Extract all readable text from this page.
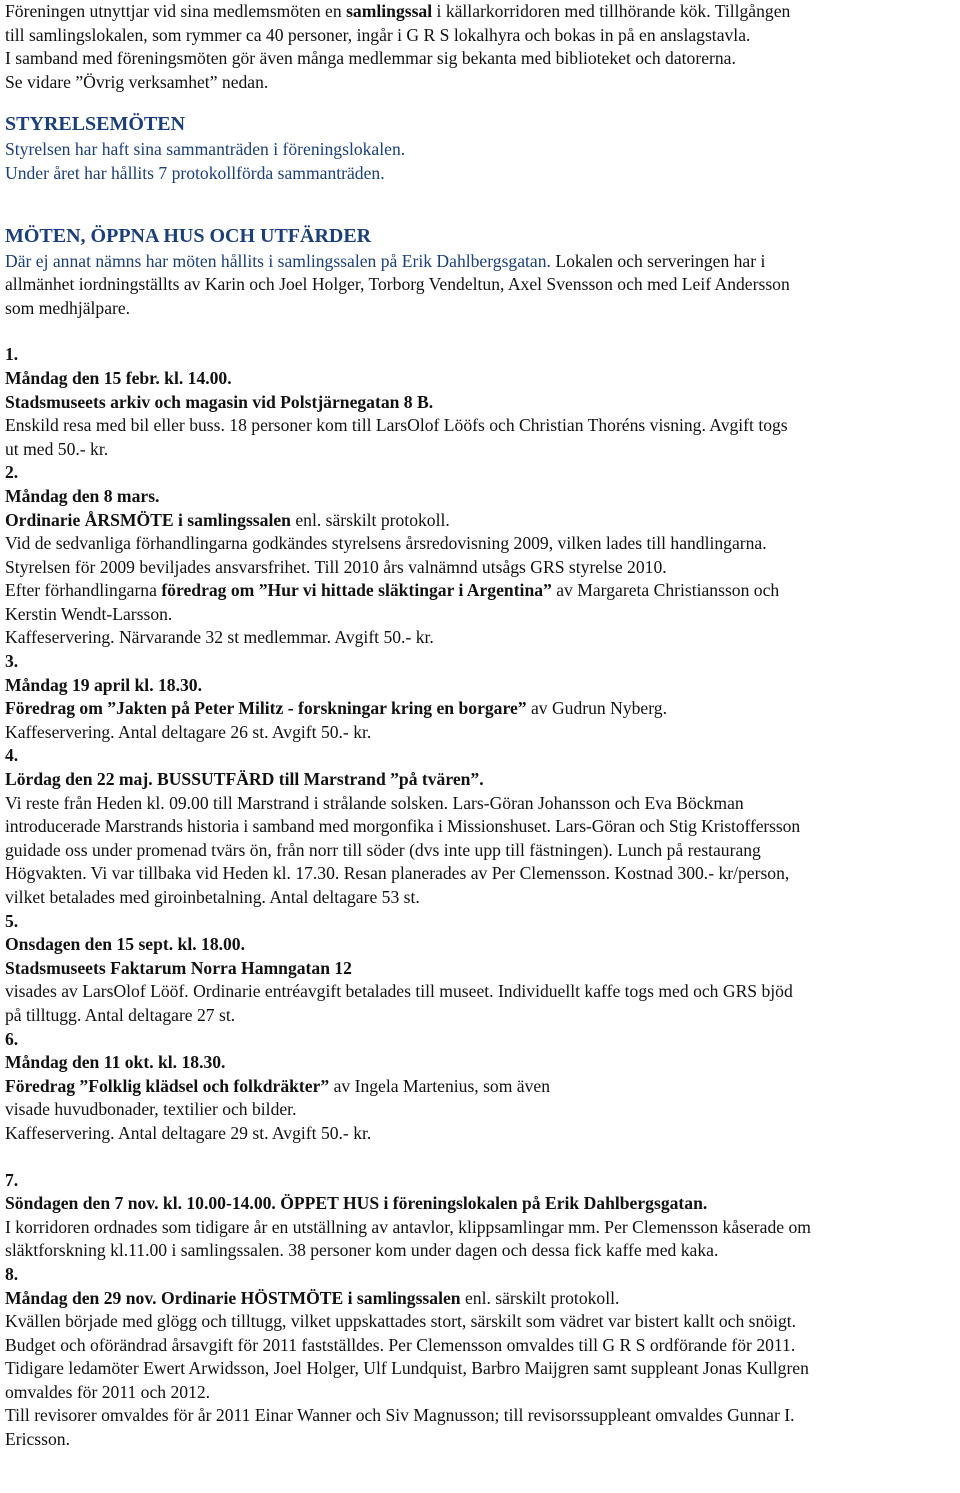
Föreningen utnyttjar vid sina medlemsmöten en samlingssal i källarkorridoren med tillhörande kök. Tillgången

till samlingslokalen, som rymmer ca 40 personer, ingår i G R S lokalhyra och bokas in på en anslagstavla.

I samband med föreningsmöten gör även många medlemmar sig bekanta med biblioteket och datorerna.

Se vidare ”Övrig verksamhet” nedan.

STYRELSEMÖTEN

Styrelsen har haft sina sammanträden i föreningslokalen.

Under året har hållits 7 protokollförda sammanträden.

MÖTEN, ÖPPNA HUS OCH UTFÄRDER

Där ej annat nämns har möten hållits i samlingssalen på Erik Dahlbergsgatan. Lokalen och serveringen har i

allmänhet iordningställts av Karin och Joel Holger, Torborg Vendeltun, Axel Svensson och med Leif Andersson

som medhjälpare.

1.

Måndag den 15 febr. kl. 14.00.

Stadsmuseets arkiv och magasin vid Polstjärnegatan 8 B.

Enskild resa med bil eller buss. 18 personer kom till LarsOlof Lööfs och Christian Thoréns visning. Avgift togs

ut med 50.- kr.

2.

Måndag den 8 mars.

Ordinarie ÅRSMÖTE i samlingssalen enl. särskilt protokoll.

Vid de sedvanliga förhandlingarna godkändes styrelsens årsredovisning 2009, vilken lades till handlingarna.

Styrelsen för 2009 beviljades ansvarsfrihet. Till 2010 års valnämnd utsågs GRS styrelse 2010.

Efter förhandlingarna föredrag om ”Hur vi hittade släktingar i Argentina” av Margareta Christiansson och

Kerstin Wendt-Larsson.

Kaffeservering. Närvarande 32 st medlemmar. Avgift 50.- kr.

3.

Måndag 19 april kl. 18.30.

Föredrag om ”Jakten på Peter Militz - forskningar kring en borgare” av Gudrun Nyberg.

Kaffeservering. Antal deltagare 26 st. Avgift 50.- kr.

4.

Lördag den 22 maj. BUSSUTFÄRD till Marstrand ”på tvären”.

Vi reste från Heden kl. 09.00 till Marstrand i strålande solsken. Lars-Göran Johansson och Eva Böckman

introducerade Marstrands historia i samband med morgonfika i Missionshuset. Lars-Göran och Stig Kristoffersson

guidade oss under promenad tvärs ön, från norr till söder (dvs inte upp till fästningen). Lunch på restaurang

Högvakten. Vi var tillbaka vid Heden kl. 17.30. Resan planerades av Per Clemensson. Kostnad 300.- kr/person,

vilket betalades med giroinbetalning. Antal deltagare 53 st.

5.

Onsdagen den 15 sept. kl. 18.00.

Stadsmuseets Faktarum Norra Hamngatan 12

visades av LarsOlof Lööf. Ordinarie entréavgift betalades till museet. Individuellt kaffe togs med och GRS bjöd

på tilltugg. Antal deltagare 27 st.

6.

Måndag den 11 okt. kl. 18.30.

Föredrag ”Folklig klädsel och folkdräkter” av Ingela Martenius, som även

visade huvudbonader, textilier och bilder.

Kaffeservering. Antal deltagare 29 st. Avgift 50.- kr.

7.

Söndagen den 7 nov. kl. 10.00-14.00. ÖPPET HUS i föreningslokalen på Erik Dahlbergsgatan.

I korridoren ordnades som tidigare år en utställning av antavlor, klippsamlingar mm. Per Clemensson kåserade om

släktforskning kl.11.00 i samlingssalen. 38 personer kom under dagen och dessa fick kaffe med kaka.

8.

Måndag den 29 nov. Ordinarie HÖSTMÖTE i samlingssalen enl. särskilt protokoll.

Kvällen började med glögg och tilltugg, vilket uppskattades stort, särskilt som vädret var bistert kallt och snöigt.

Budget och oförändrad årsavgift för 2011 fastställdes. Per Clemensson omvaldes till G R S ordförande för 2011.

Tidigare ledamöter Ewert Arwidsson, Joel Holger, Ulf Lundquist, Barbro Maijgren samt suppleant Jonas Kullgren

omvaldes för 2011 och 2012.

Till revisorer omvaldes för år 2011 Einar Wanner och Siv Magnusson; till revisorssuppleant omvaldes Gunnar I.

Ericsson.
